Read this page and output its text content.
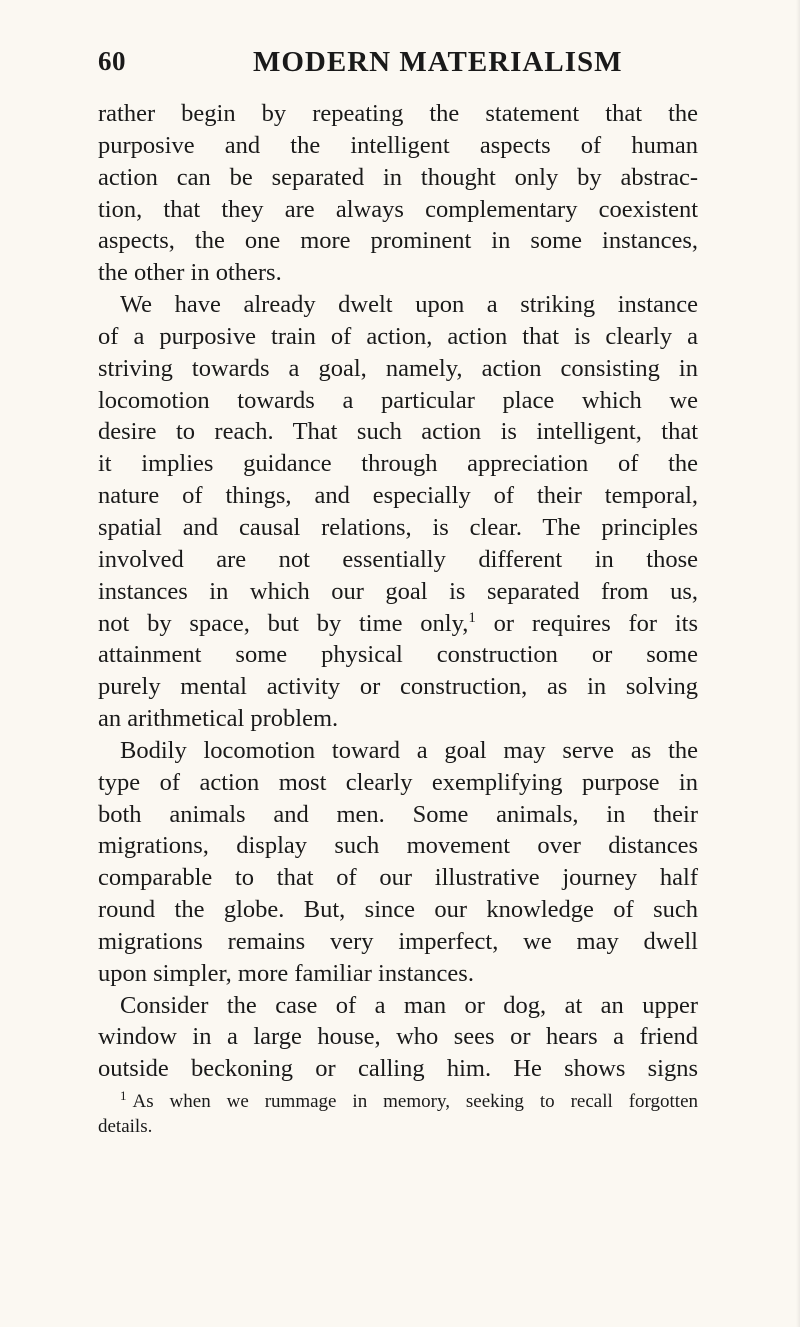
60	MODERN MATERIALISM
rather begin by repeating the statement that the
purposive and the intelligent aspects of human
action can be separated in thought only by abstrac-
tion, that they are always complementary coexistent
aspects, the one more prominent in some instances,
the other in others.
We have already dwelt upon a striking instance
of a purposive train of action, action that is clearly a
striving towards a goal, namely, action consisting in
locomotion towards a particular place which we
desire to reach. That such action is intelligent, that
it implies guidance through appreciation of the
nature of things, and especially of their temporal,
spatial and causal relations, is clear. The principles
involved are not essentially different in those
instances in which our goal is separated from us,
not by space, but by time only,$^1$ or requires for its
attainment some physical construction or some
purely mental activity or construction, as in solving
an arithmetical problem.
Bodily locomotion toward a goal may serve as the
type of action most clearly exemplifying purpose in
both animals and men. Some animals, in their
migrations, display such movement over distances
comparable to that of our illustrative journey half
round the globe. But, since our knowledge of such
migrations remains very imperfect, we may dwell
upon simpler, more familiar instances.
Consider the case of a man or dog, at an upper
window in a large house, who sees or hears a friend
outside beckoning or calling him. He shows signs
$^1$ As when we rummage in memory, seeking to recall forgotten
details.
